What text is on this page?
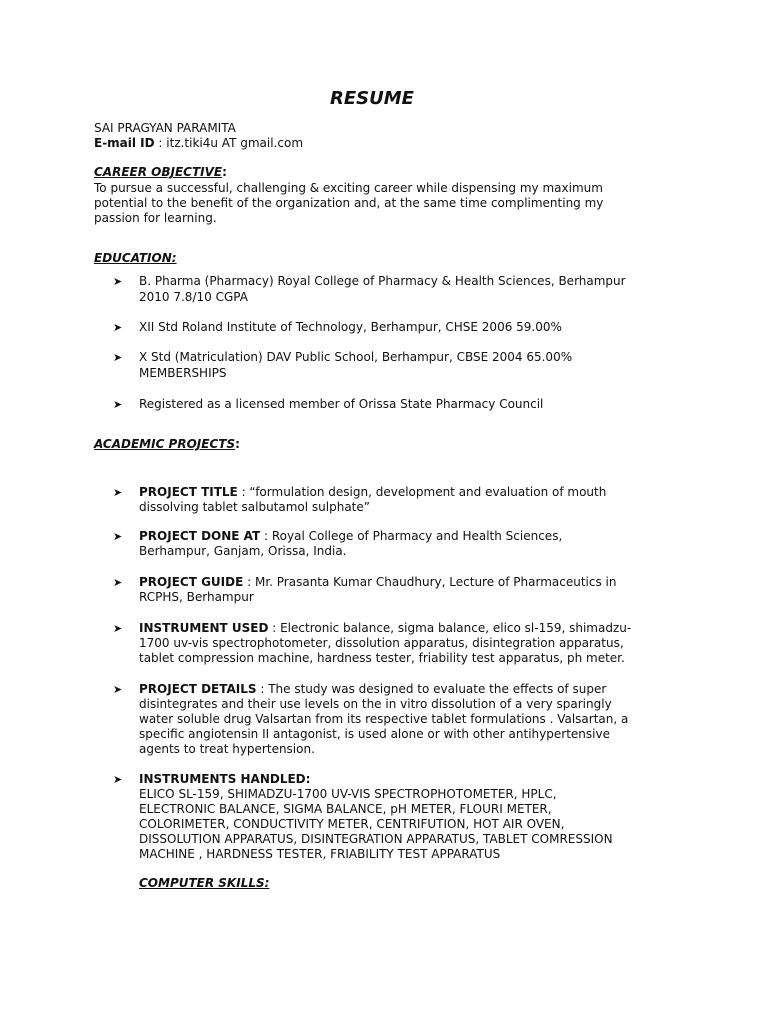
RESUME
SAI PRAGYAN PARAMITA
E-mail ID : itz.tiki4u AT gmail.com
CAREER OBJECTIVE:
To pursue a successful, challenging & exciting career while dispensing my maximum
potential to the benefit of the organization and, at the same time complimenting my
passion for learning.
EDUCATION:
➤	B. Pharma (Pharmacy) Royal College of Pharmacy & Health Sciences, Berhampur
2010 7.8/10 CGPA
➤	XII Std Roland Institute of Technology, Berhampur, CHSE 2006 59.00%
➤	X Std (Matriculation) DAV Public School, Berhampur, CBSE 2004 65.00%
MEMBERSHIPS
➤	Registered as a licensed member of Orissa State Pharmacy Council
ACADEMIC PROJECTS:
➤	PROJECT TITLE : “formulation design, development and evaluation of mouth
dissolving tablet salbutamol sulphate”
➤	PROJECT DONE AT : Royal College of Pharmacy and Health Sciences,
Berhampur, Ganjam, Orissa, India.
➤	PROJECT GUIDE : Mr. Prasanta Kumar Chaudhury, Lecture of Pharmaceutics in
RCPHS, Berhampur
➤	INSTRUMENT USED : Electronic balance, sigma balance, elico sl-159, shimadzu-
1700 uv-vis spectrophotometer, dissolution apparatus, disintegration apparatus,
tablet compression machine, hardness tester, friability test apparatus, ph meter.
➤	PROJECT DETAILS : The study was designed to evaluate the effects of super
disintegrates and their use levels on the in vitro dissolution of a very sparingly
water soluble drug Valsartan from its respective tablet formulations . Valsartan, a
specific angiotensin II antagonist, is used alone or with other antihypertensive
agents to treat hypertension.
➤	INSTRUMENTS HANDLED:
ELICO SL-159, SHIMADZU-1700 UV-VIS SPECTROPHOTOMETER, HPLC,
ELECTRONIC BALANCE, SIGMA BALANCE, pH METER, FLOURI METER,
COLORIMETER, CONDUCTIVITY METER, CENTRIFUTION, HOT AIR OVEN,
DISSOLUTION APPARATUS, DISINTEGRATION APPARATUS, TABLET COMRESSION
MACHINE , HARDNESS TESTER, FRIABILITY TEST APPARATUS
COMPUTER SKILLS:
